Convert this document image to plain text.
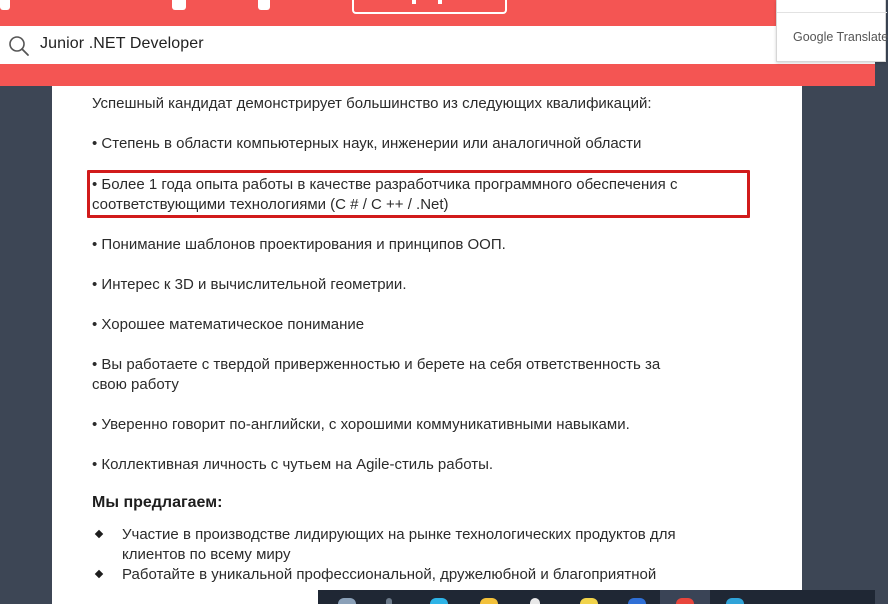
Junior .NET Developer	Google Translate
Успешный кандидат демонстрирует большинство из следующих квалификаций:
• Степень в области компьютерных наук, инженерии или аналогичной области
• Более 1 года опыта работы в качестве разработчика программного обеспечения с
соответствующими технологиями (C # / C ++ / .Net)
• Понимание шаблонов проектирования и принципов ООП.
• Интерес к 3D и вычислительной геометрии.
• Хорошее математическое понимание
• Вы работаете с твердой приверженностью и берете на себя ответственность за
свою работу
• Уверенно говорит по-английски, с хорошими коммуникативными навыками.
• Коллективная личность с чутьем на Agile-стиль работы.
Мы предлагаем:
Участие в производстве лидирующих на рынке технологических продуктов для
клиентов по всему миру
Работайте в уникальной профессиональной, дружелюбной и благоприятной
